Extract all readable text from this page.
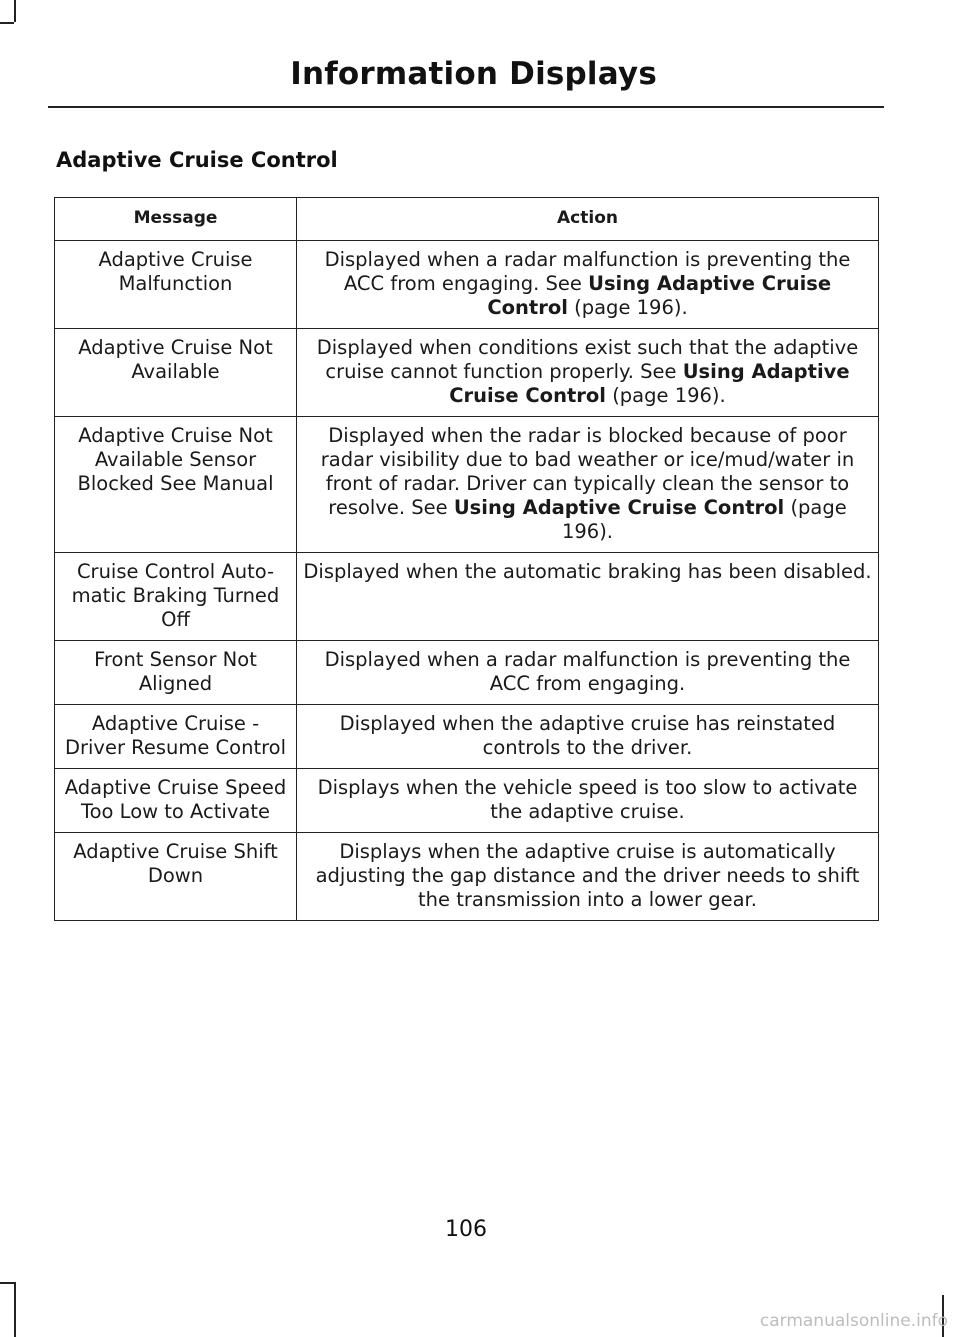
Information Displays
Adaptive Cruise Control
Message	Action
Adaptive Cruise Malfunction	Displayed when a radar malfunction is preventing the ACC from engaging. See Using Adaptive Cruise Control (page 196).
Adaptive Cruise Not Available	Displayed when conditions exist such that the adaptive cruise cannot function properly. See Using Adaptive Cruise Control (page 196).
Adaptive Cruise Not Available Sensor Blocked See Manual	Displayed when the radar is blocked because of poor radar visibility due to bad weather or ice/mud/water in front of radar. Driver can typically clean the sensor to resolve. See Using Adaptive Cruise Control (page 196).
Cruise Control Auto-matic Braking Turned Off	Displayed when the automatic braking has been disabled.
Front Sensor Not Aligned	Displayed when a radar malfunction is preventing the ACC from engaging.
Adaptive Cruise - Driver Resume Control	Displayed when the adaptive cruise has reinstated controls to the driver.
Adaptive Cruise Speed Too Low to Activate	Displays when the vehicle speed is too slow to activate the adaptive cruise.
Adaptive Cruise Shift Down	Displays when the adaptive cruise is automatically adjusting the gap distance and the driver needs to shift the transmission into a lower gear.
106
carmanualsonline.info
